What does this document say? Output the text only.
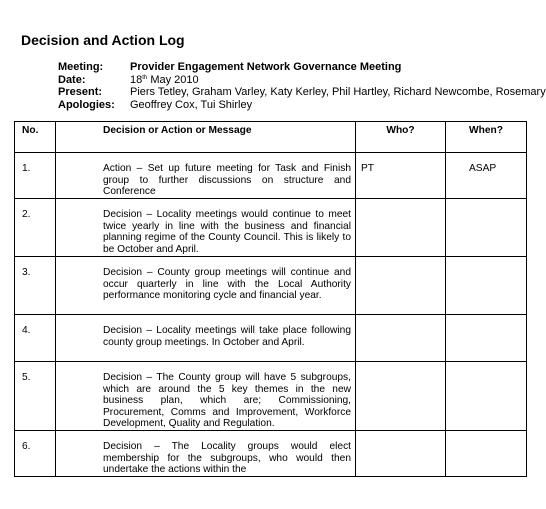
Decision and Action Log
Meeting:	Provider Engagement Network Governance Meeting
Date:	18th May 2010
Present:	Piers Tetley, Graham Varley, Katy Kerley, Phil Hartley, Richard Newcombe, Rosemary
Apologies:	Geoffrey Cox, Tui Shirley
No.	Decision or Action or Message	Who?	When?
1.	Action – Set up future meeting for Task and Finish group to further discussions on structure and Conference	PT	ASAP
2.	Decision – Locality meetings would continue to meet twice yearly in line with the business and financial planning regime of the County Council. This is likely to be October and April.		
3.	Decision – County group meetings will continue and occur quarterly in line with the Local Authority performance monitoring cycle and financial year.		
4.	Decision – Locality meetings will take place following county group meetings. In October and April.		
5.	Decision – The County group will have 5 subgroups, which are around the 5 key themes in the new business plan, which are; Commissioning, Procurement, Comms and Improvement, Workforce Development, Quality and Regulation.		
6.	Decision – The Locality groups would elect membership for the subgroups, who would then undertake the actions within the		
